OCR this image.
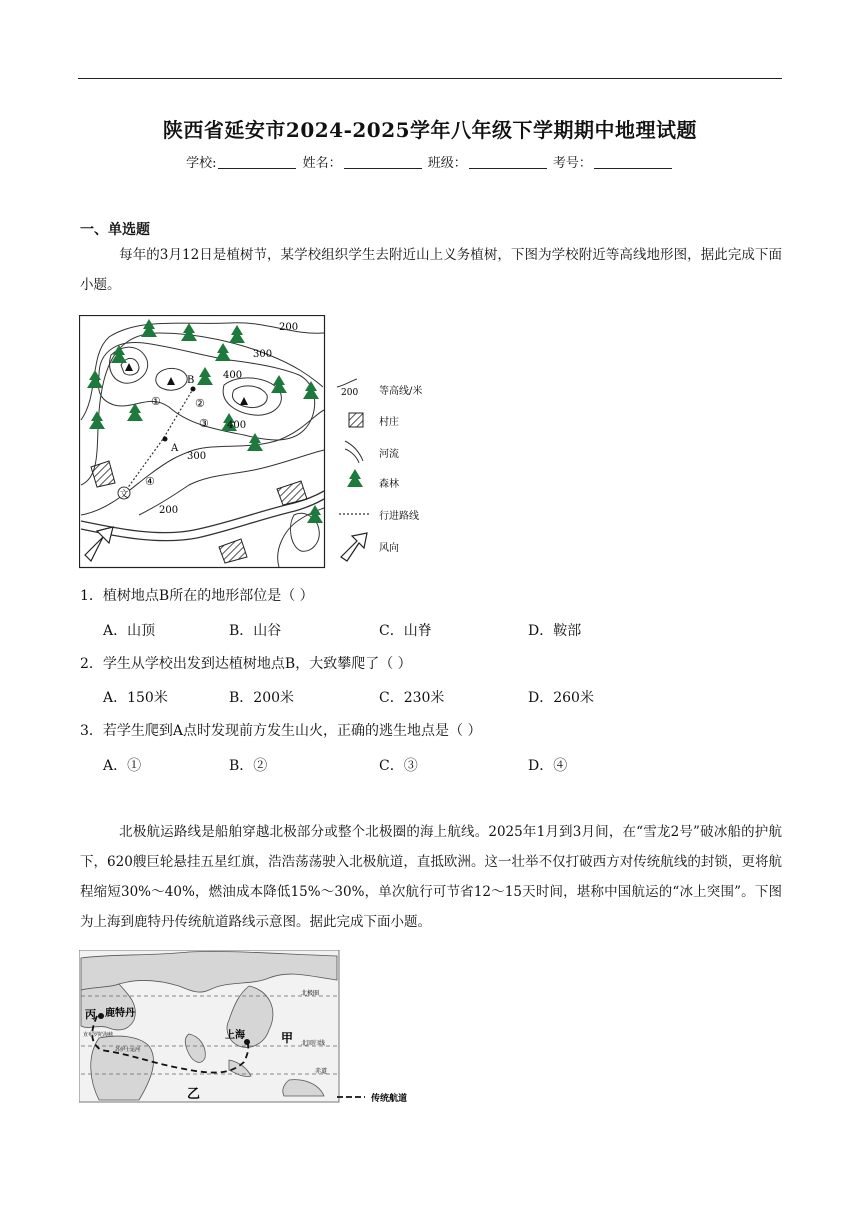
陕西省延安市2024-2025学年八年级下学期期中地理试题
学校:	姓名：	班级：	考号：
一、单选题
每年的3月12日是植树节，某学校组织学生去附近山上义务植树，下图为学校附近等高线地形图，据此完成下面小题。
文
B
A
①	②
③
④
200
300
400
400
300
200
200 等高线/米
村庄
河流
森林
行进路线
风向
1．植树地点B所在的地形部位是（ ）
A．山顶	B．山谷	C．山脊	D．鞍部
2．学生从学校出发到达植树地点B，大致攀爬了（ ）
A．150米	B．200米	C．230米	D．260米
3．若学生爬到A点时发现前方发生山火，正确的逃生地点是（ ）
A．①	B．②	C．③	D．④
北极航运路线是船舶穿越北极部分或整个北极圈的海上航线。2025年1月到3月间，在“雪龙2号”破冰船的护航下，620艘巨轮悬挂五星红旗，浩浩荡荡驶入北极航道，直抵欧洲。这一壮举不仅打破西方对传统航线的封锁，更将航程缩短30%～40%，燃油成本降低15%～30%，单次航行可节省12～15天时间，堪称中国航运的“冰上突围”。下图为上海到鹿特丹传统航道路线示意图。据此完成下面小题。
丙 鹿特丹
上海	甲
乙
北极圈
北回归线
赤道
直布罗陀海峡
苏伊士运河
传统航道
